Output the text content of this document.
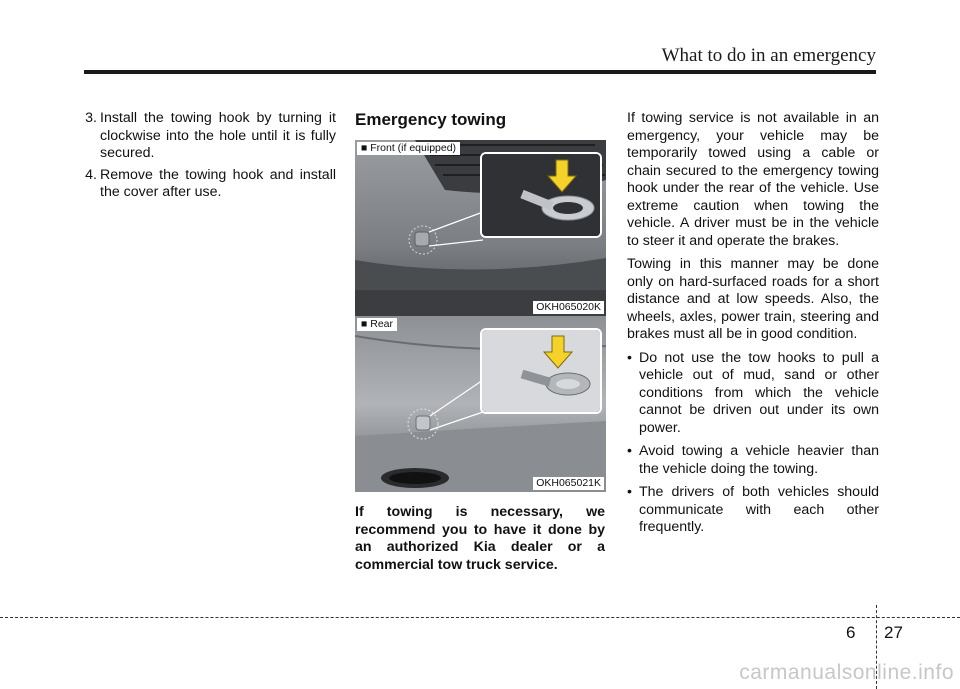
What to do in an emergency
3. Install the towing hook by turning it clockwise into the hole until it is fully secured.
4. Remove the towing hook and install the cover after use.
Emergency towing
■ Front (if equipped)
OKH065020K
■ Rear
OKH065021K
If towing is necessary, we recommend you to have it done by an authorized Kia dealer or a commercial tow truck service.

If towing service is not available in an emergency, your vehicle may be temporarily towed using a cable or chain secured to the emergency towing hook under the rear of the vehicle. Use extreme caution when towing the vehicle. A driver must be in the vehicle to steer it and operate the brakes.

Towing in this manner may be done only on hard-surfaced roads for a short distance and at low speeds. Also, the wheels, axles, power train, steering and brakes must all be in good condition.

• Do not use the tow hooks to pull a vehicle out of mud, sand or other conditions from which the vehicle cannot be driven out under its own power.
• Avoid towing a vehicle heavier than the vehicle doing the towing.
• The drivers of both vehicles should communicate with each other frequently.
6 27
carmanualsonline.info
